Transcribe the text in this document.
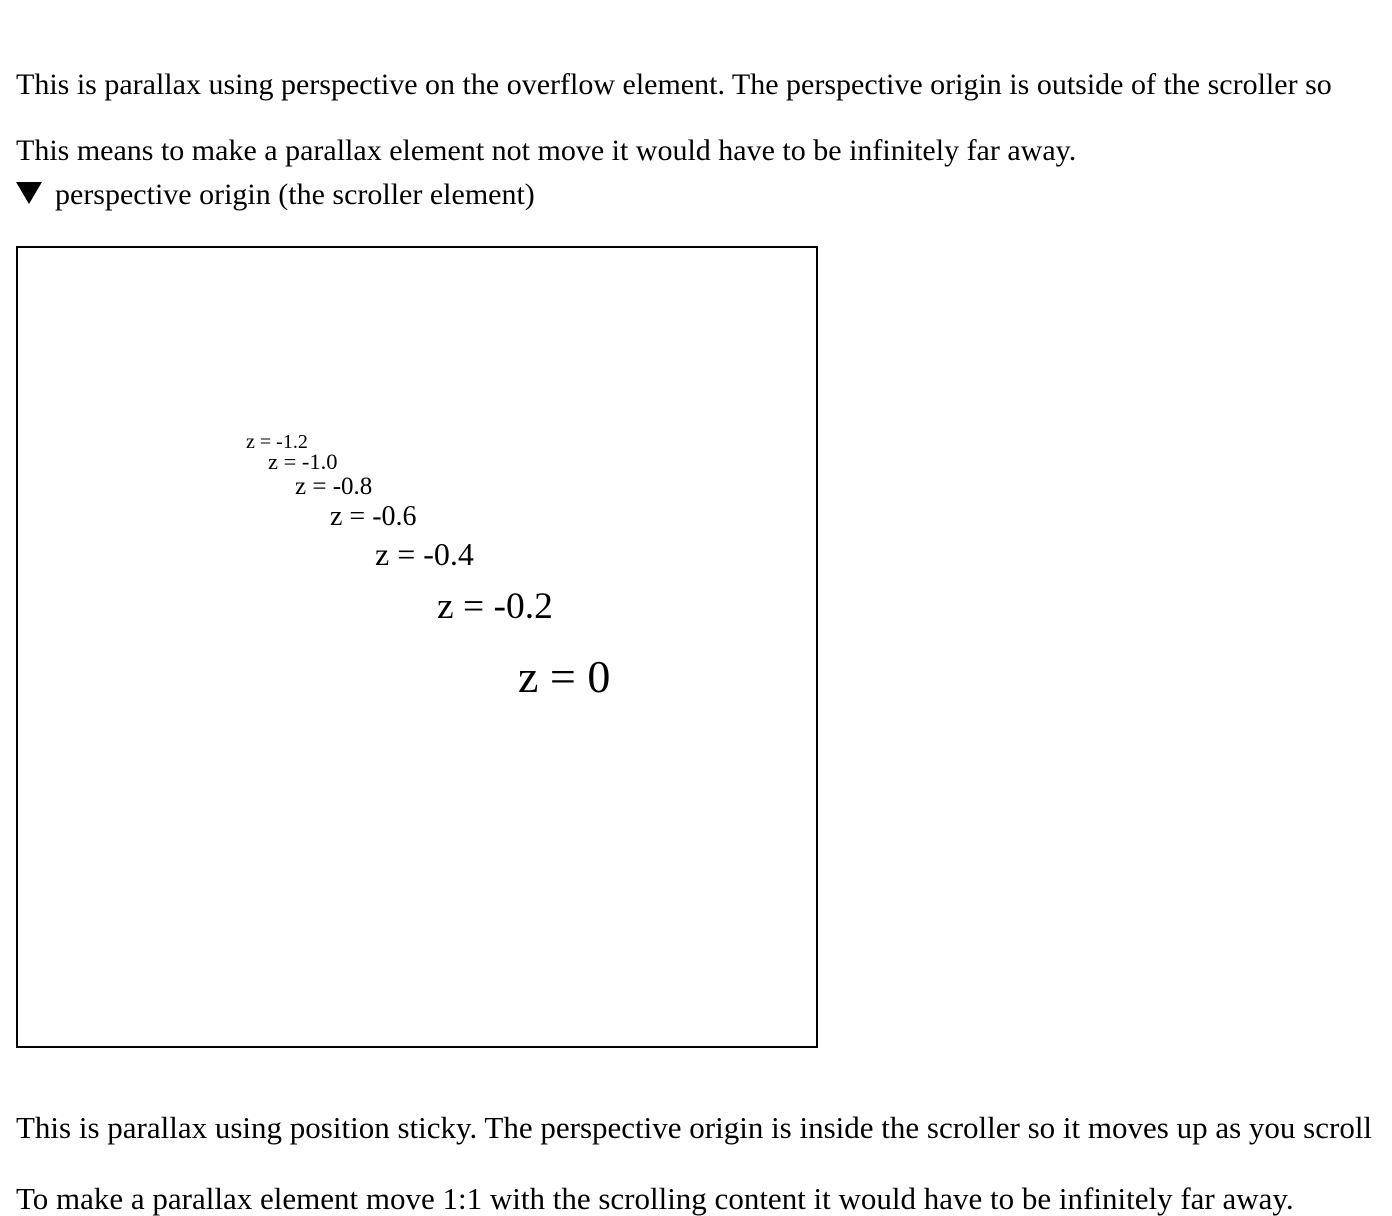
This is parallax using perspective on the overflow element. The perspective origin is outside of the scroller so

This means to make a parallax element not move it would have to be infinitely far away.

perspective origin (the scroller element)
z = -1.2
z = -1.0
z = -0.8
z = -0.6
z = -0.4
z = -0.2
z = 0

This is parallax using position sticky. The perspective origin is inside the scroller so it moves up as you scroll

To make a parallax element move 1:1 with the scrolling content it would have to be infinitely far away.
